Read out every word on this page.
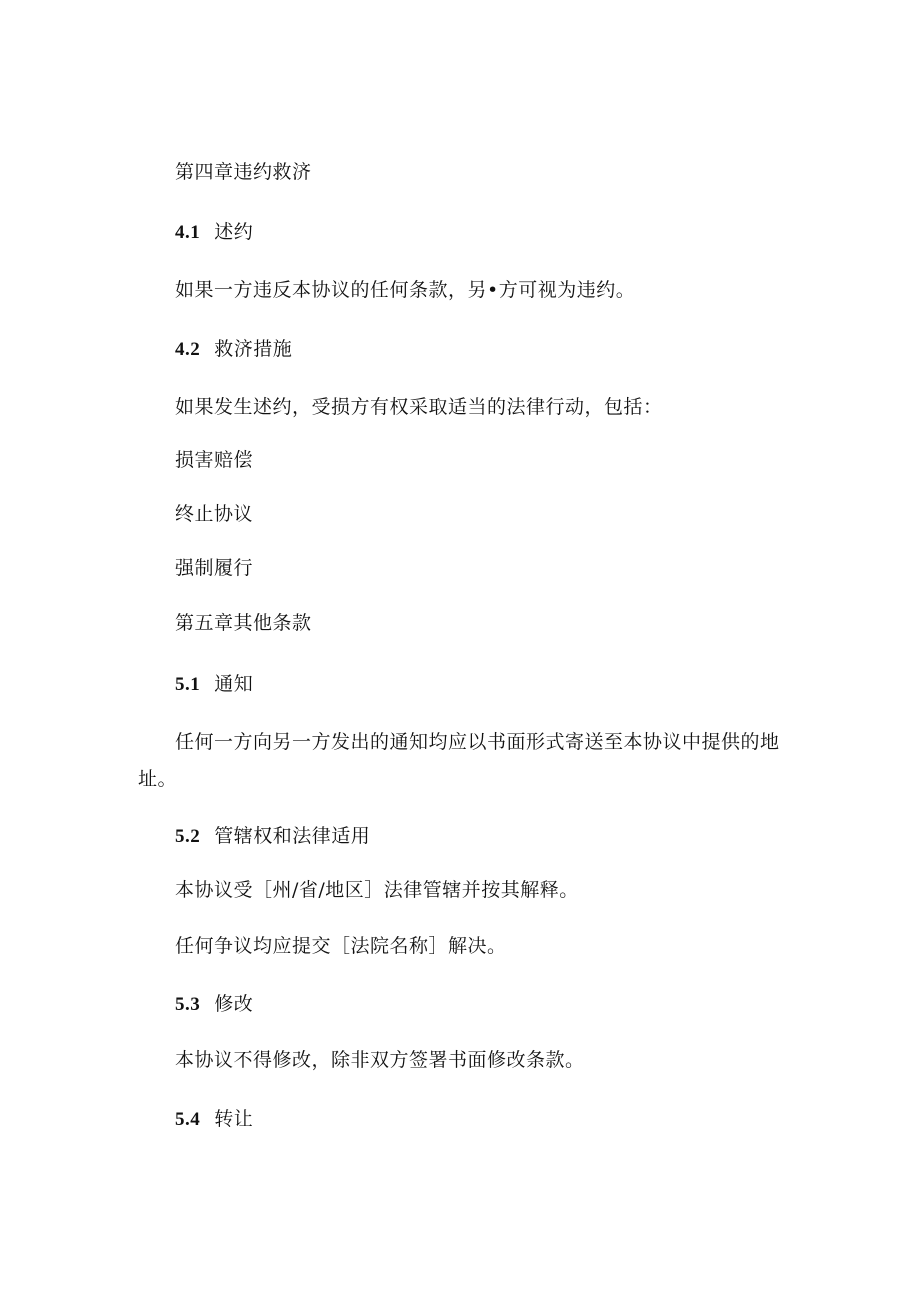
第四章违约救济
4.1 述约
如果一方违反本协议的任何条款，另•方可视为违约。
4.2 救济措施
如果发生述约，受损方有权采取适当的法律行动，包括：
损害赔偿
终止协议
强制履行
第五章其他条款
5.1 通知
任何一方向另一方发出的通知均应以书面形式寄送至本协议中提供的地
址。
5.2 管辖权和法律适用
本协议受［州/省/地区］法律管辖并按其解释。
任何争议均应提交［法院名称］解决。
5.3 修改
本协议不得修改，除非双方签署书面修改条款。
5.4 转让
